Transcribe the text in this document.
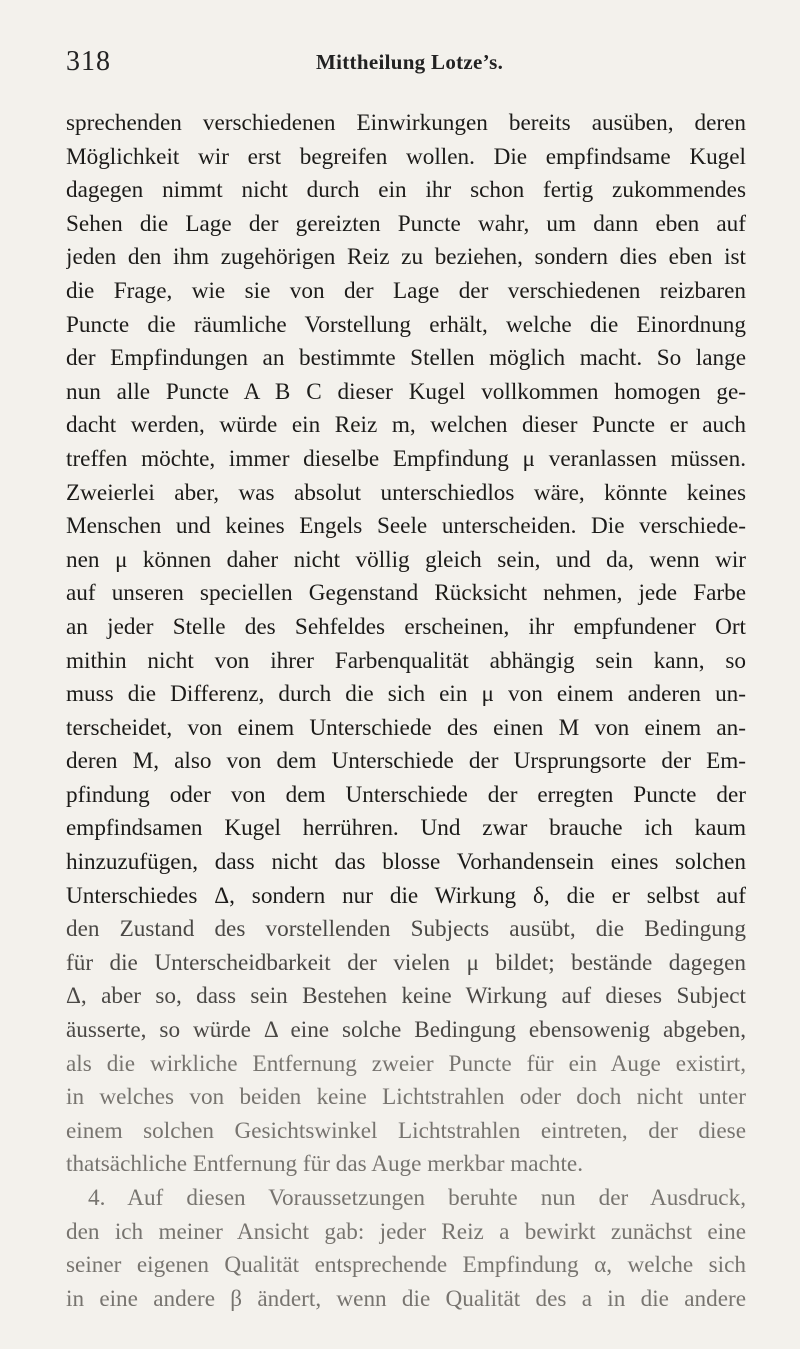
318	Mittheilung Lotze’s.
sprechenden verschiedenen Einwirkungen bereits ausüben, deren
Möglichkeit wir erst begreifen wollen. Die empfindsame Kugel
dagegen nimmt nicht durch ein ihr schon fertig zukommendes
Sehen die Lage der gereizten Puncte wahr, um dann eben auf
jeden den ihm zugehörigen Reiz zu beziehen, sondern dies eben ist
die Frage, wie sie von der Lage der verschiedenen reizbaren
Puncte die räumliche Vorstellung erhält, welche die Einordnung
der Empfindungen an bestimmte Stellen möglich macht. So lange
nun alle Puncte A B C dieser Kugel vollkommen homogen ge-
dacht werden, würde ein Reiz m, welchen dieser Puncte er auch
treffen möchte, immer dieselbe Empfindung μ veranlassen müssen.
Zweierlei aber, was absolut unterschiedlos wäre, könnte keines
Menschen und keines Engels Seele unterscheiden. Die verschiede-
nen μ können daher nicht völlig gleich sein, und da, wenn wir
auf unseren speciellen Gegenstand Rücksicht nehmen, jede Farbe
an jeder Stelle des Sehfeldes erscheinen, ihr empfundener Ort
mithin nicht von ihrer Farbenqualität abhängig sein kann, so
muss die Differenz, durch die sich ein μ von einem anderen un-
terscheidet, von einem Unterschiede des einen M von einem an-
deren M, also von dem Unterschiede der Ursprungsorte der Em-
pfindung oder von dem Unterschiede der erregten Puncte der
empfindsamen Kugel herrühren. Und zwar brauche ich kaum
hinzuzufügen, dass nicht das blosse Vorhandensein eines solchen
Unterschiedes Δ, sondern nur die Wirkung δ, die er selbst auf
den Zustand des vorstellenden Subjects ausübt, die Bedingung
für die Unterscheidbarkeit der vielen μ bildet; bestände dagegen
Δ, aber so, dass sein Bestehen keine Wirkung auf dieses Subject
äusserte, so würde Δ eine solche Bedingung ebensowenig abgeben,
als die wirkliche Entfernung zweier Puncte für ein Auge existirt,
in welches von beiden keine Lichtstrahlen oder doch nicht unter
einem solchen Gesichtswinkel Lichtstrahlen eintreten, der diese
thatsächliche Entfernung für das Auge merkbar machte.
4. Auf diesen Voraussetzungen beruhte nun der Ausdruck,
den ich meiner Ansicht gab: jeder Reiz a bewirkt zunächst eine
seiner eigenen Qualität entsprechende Empfindung α, welche sich
in eine andere β ändert, wenn die Qualität des a in die andere
